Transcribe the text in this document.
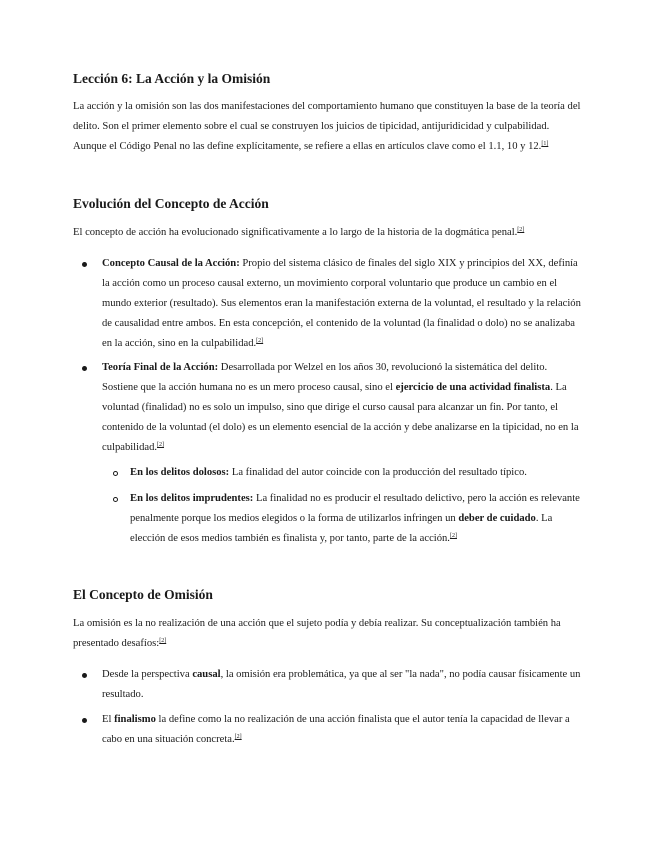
Lección 6: La Acción y la Omisión

La acción y la omisión son las dos manifestaciones del comportamiento humano que constituyen la base de la teoría del delito. Son el primer elemento sobre el cual se construyen los juicios de tipicidad, antijuridicidad y culpabilidad. Aunque el Código Penal no las define explícitamente, se refiere a ellas en artículos clave como el 1.1, 10 y 12.[1]

Evolución del Concepto de Acción

El concepto de acción ha evolucionado significativamente a lo largo de la historia de la dogmática penal.[2]

Concepto Causal de la Acción: Propio del sistema clásico de finales del siglo XIX y principios del XX, definía la acción como un proceso causal externo, un movimiento corporal voluntario que produce un cambio en el mundo exterior (resultado). Sus elementos eran la manifestación externa de la voluntad, el resultado y la relación de causalidad entre ambos. En esta concepción, el contenido de la voluntad (la finalidad o dolo) no se analizaba en la acción, sino en la culpabilidad.[2]

Teoría Final de la Acción: Desarrollada por Welzel en los años 30, revolucionó la sistemática del delito. Sostiene que la acción humana no es un mero proceso causal, sino el ejercicio de una actividad finalista. La voluntad (finalidad) no es solo un impulso, sino que dirige el curso causal para alcanzar un fin. Por tanto, el contenido de la voluntad (el dolo) es un elemento esencial de la acción y debe analizarse en la tipicidad, no en la culpabilidad.[2]

En los delitos dolosos: La finalidad del autor coincide con la producción del resultado típico.

En los delitos imprudentes: La finalidad no es producir el resultado delictivo, pero la acción es relevante penalmente porque los medios elegidos o la forma de utilizarlos infringen un deber de cuidado. La elección de esos medios también es finalista y, por tanto, parte de la acción.[2]

El Concepto de Omisión

La omisión es la no realización de una acción que el sujeto podía y debía realizar. Su conceptualización también ha presentado desafíos:[2]

Desde la perspectiva causal, la omisión era problemática, ya que al ser "la nada", no podía causar físicamente un resultado.

El finalismo la define como la no realización de una acción finalista que el autor tenía la capacidad de llevar a cabo en una situación concreta.[2]
